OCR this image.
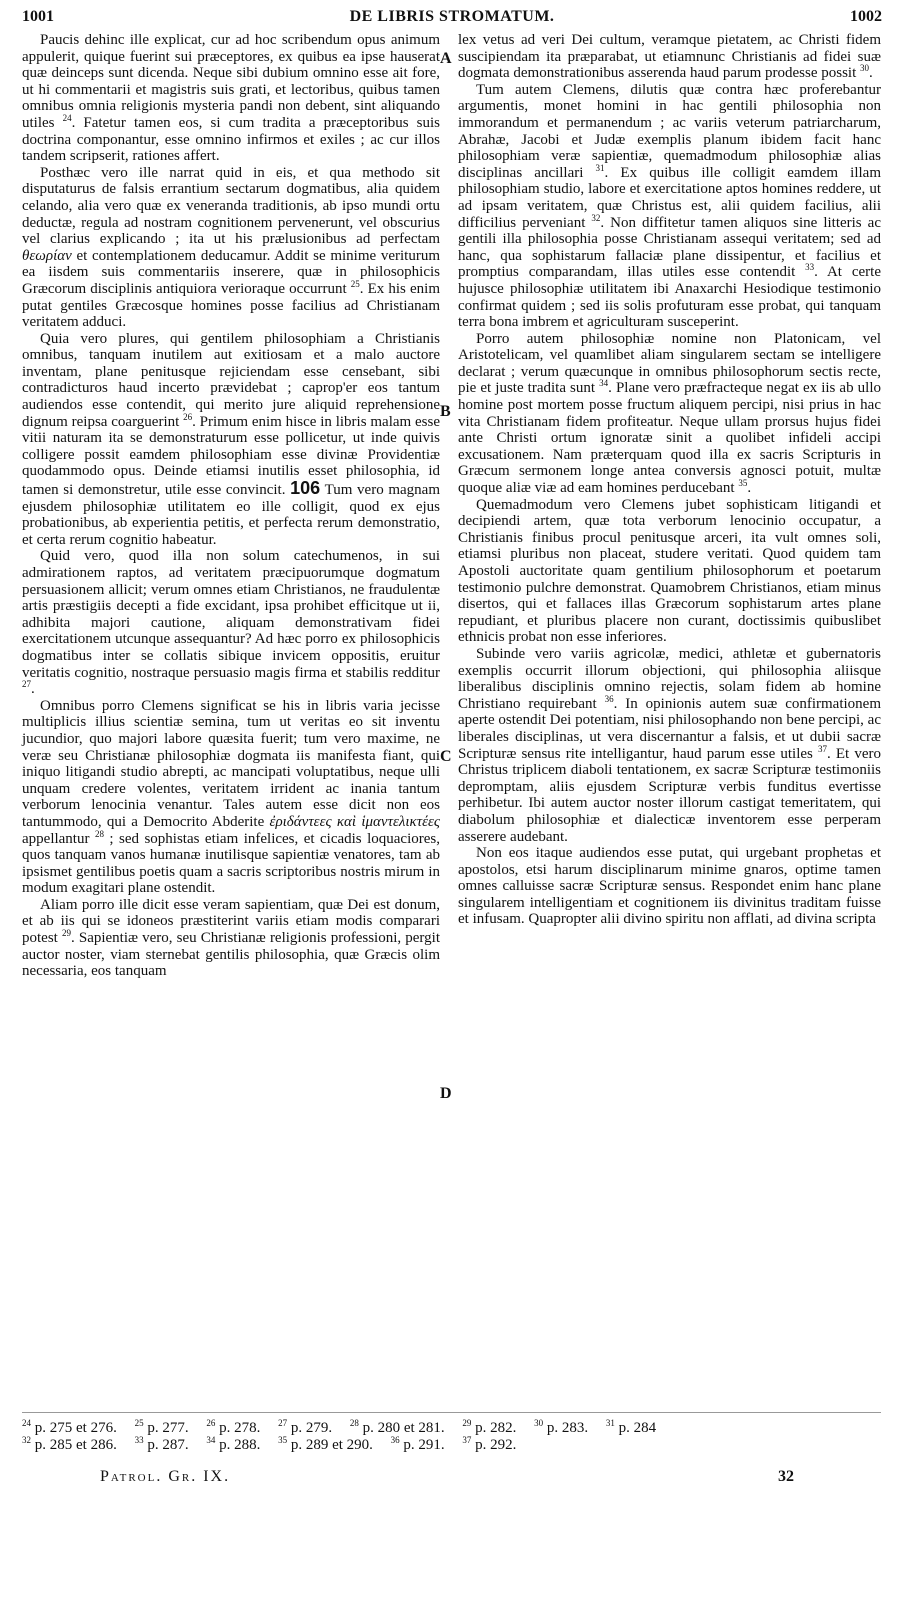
1001	DE LIBRIS STROMATUM.	1002
A
B
C
D

Paucis dehinc ille explicat, cur ad hoc scribendum opus animum appulerit, quique fuerint sui præceptores, ex quibus ea ipse hauserat quæ deinceps sunt dicenda. Neque sibi dubium omnino esse ait fore, ut hi commentarii et magistris suis grati, et lectoribus, quibus tamen omnibus omnia religionis mysteria pandi non debent, sint aliquando utiles $^{24}$. Fatetur tamen eos, si cum tradita a præceptoribus suis doctrina componantur, esse omnino infirmos et exiles ; ac cur illos tandem scripserit, rationes affert.

Posthæc vero ille narrat quid in eis, et qua methodo sit disputaturus de falsis errantium sectarum dogmatibus, alia quidem celando, alia vero quæ ex veneranda traditionis, ab ipso mundi ortu deductæ, regula ad nostram cognitionem pervenerunt, vel obscurius vel clarius explicando ; ita ut his prælusionibus ad perfectam θεωρίαν et contemplationem deducamur. Addit se minime veriturum ea iisdem suis commentariis inserere, quæ in philosophicis Græcorum disciplinis antiquiora verioraque occurrunt $^{25}$. Ex his enim putat gentiles Græcosque homines posse facilius ad Christianam veritatem adduci.

Quia vero plures, qui gentilem philosophiam a Christianis omnibus, tanquam inutilem aut exitiosam et a malo auctore inventam, plane penitusque rejiciendam esse censebant, sibi contradicturos haud incerto prævidebat ; caprop'er eos tantum audiendos esse contendit, qui merito jure aliquid reprehensione dignum reipsa coarguerint $^{26}$. Primum enim hisce in libris malam esse vitii naturam ita se demonstraturum esse pollicetur, ut inde quivis colligere possit eamdem philosophiam esse divinæ Providentiæ quodammodo opus. Deinde etiamsi inutilis esset philosophia, id tamen si demonstretur, utile esse convincit. 106 Tum vero magnam ejusdem philosophiæ utilitatem eo ille colligit, quod ex ejus probationibus, ab experientia petitis, et perfecta rerum demonstratio, et certa rerum cognitio habeatur.

Quid vero, quod illa non solum catechumenos, in sui admirationem raptos, ad veritatem præcipuorumque dogmatum persuasionem allicit; verum omnes etiam Christianos, ne fraudulentæ artis præstigiis decepti a fide excidant, ipsa prohibet efficitque ut ii, adhibita majori cautione, aliquam demonstrativam fidei exercitationem utcunque assequantur? Ad hæc porro ex philosophicis dogmatibus inter se collatis sibique invicem oppositis, eruitur veritatis cognitio, nostraque persuasio magis firma et stabilis redditur $^{27}$.

Omnibus porro Clemens significat se his in libris varia jecisse multiplicis illius scientiæ semina, tum ut veritas eo sit inventu jucundior, quo majori labore quæsita fuerit; tum vero maxime, ne veræ seu Christianæ philosophiæ dogmata iis manifesta fiant, qui iniquo litigandi studio abrepti, ac mancipati voluptatibus, neque ulli unquam credere volentes, veritatem irrident ac inania tantum verborum lenocinia venantur. Tales autem esse dicit non eos tantummodo, qui a Democrito Abderite ἐριδάντεες καὶ ἱμαντελικτέες appellantur $^{28}$ ; sed sophistas etiam infelices, et cicadis loquaciores, quos tanquam vanos humanæ inutilisque sapientiæ venatores, tam ab ipsismet gentilibus poetis quam a sacris scriptoribus nostris mirum in modum exagitari plane ostendit.

Aliam porro ille dicit esse veram sapientiam, quæ Dei est donum, et ab iis qui se idoneos præstiterint variis etiam modis comparari potest $^{29}$. Sapientiæ vero, seu Christianæ religionis professioni, pergit auctor noster, viam sternebat gentilis philosophia, quæ Græcis olim necessaria, eos tanquam

lex vetus ad veri Dei cultum, veramque pietatem, ac Christi fidem suscipiendam ita præparabat, ut etiamnunc Christianis ad fidei suæ dogmata demonstrationibus asserenda haud parum prodesse possit $^{30}$.

Tum autem Clemens, dilutis quæ contra hæc proferebantur argumentis, monet homini in hac gentili philosophia non immorandum et permanendum ; ac variis veterum patriarcharum, Abrahæ, Jacobi et Judæ exemplis planum ibidem facit hanc philosophiam veræ sapientiæ, quemadmodum philosophiæ alias disciplinas ancillari $^{31}$. Ex quibus ille colligit eamdem illam philosophiam studio, labore et exercitatione aptos homines reddere, ut ad ipsam veritatem, quæ Christus est, alii quidem facilius, alii difficilius perveniant $^{32}$. Non diffitetur tamen aliquos sine litteris ac gentili illa philosophia posse Christianam assequi veritatem; sed ad hanc, qua sophistarum fallaciæ plane dissipentur, et facilius et promptius comparandam, illas utiles esse contendit $^{33}$. At certe hujusce philosophiæ utilitatem ibi Anaxarchi Hesiodique testimonio confirmat quidem ; sed iis solis profuturam esse probat, qui tanquam terra bona imbrem et agriculturam susceperint.

Porro autem philosophiæ nomine non Platonicam, vel Aristotelicam, vel quamlibet aliam singularem sectam se intelligere declarat ; verum quæcunque in omnibus philosophorum sectis recte, pie et juste tradita sunt $^{34}$. Plane vero præfracteque negat ex iis ab ullo homine post mortem posse fructum aliquem percipi, nisi prius in hac vita Christianam fidem profiteatur. Neque ullam prorsus hujus fidei ante Christi ortum ignoratæ sinit a quolibet infideli accipi excusationem. Nam præterquam quod illa ex sacris Scripturis in Græcum sermonem longe antea conversis agnosci potuit, multæ quoque aliæ viæ ad eam homines perducebant $^{35}$.

Quemadmodum vero Clemens jubet sophisticam litigandi et decipiendi artem, quæ tota verborum lenocinio occupatur, a Christianis finibus procul penitusque arceri, ita vult omnes soli, etiamsi pluribus non placeat, studere veritati. Quod quidem tam Apostoli auctoritate quam gentilium philosophorum et poetarum testimonio pulchre demonstrat. Quamobrem Christianos, etiam minus disertos, qui et fallaces illas Græcorum sophistarum artes plane repudiant, et pluribus placere non curant, doctissimis quibuslibet ethnicis probat non esse inferiores.

Subinde vero variis agricolæ, medici, athletæ et gubernatoris exemplis occurrit illorum objectioni, qui philosophia aliisque liberalibus disciplinis omnino rejectis, solam fidem ab homine Christiano requirebant $^{36}$. In opinionis autem suæ confirmationem aperte ostendit Dei potentiam, nisi philosophando non bene percipi, ac liberales disciplinas, ut vera discernantur a falsis, et ut dubii sacræ Scripturæ sensus rite intelligantur, haud parum esse utiles $^{37}$. Et vero Christus triplicem diaboli tentationem, ex sacræ Scripturæ testimoniis depromptam, aliis ejusdem Scripturæ verbis funditus evertisse perhibetur. Ibi autem auctor noster illorum castigat temeritatem, qui diabolum philosophiæ et dialecticæ inventorem esse perperam asserere audebant.

Non eos itaque audiendos esse putat, qui urgebant prophetas et apostolos, etsi harum disciplinarum minime gnaros, optime tamen omnes calluisse sacræ Scripturæ sensus. Respondet enim hanc plane singularem intelligentiam et cognitionem iis divinitus traditam fuisse et infusam. Quapropter alii divino spiritu non afflati, ad divina scripta

$^{24}$ p. 275 et 276. $^{25}$ p. 277. $^{26}$ p. 278. $^{27}$ p. 279. $^{28}$ p. 280 et 281. $^{29}$ p. 282. $^{30}$ p. 283. $^{31}$ p. 284
$^{32}$ p. 285 et 286. $^{33}$ p. 287. $^{34}$ p. 288. $^{35}$ p. 289 et 290. $^{36}$ p. 291. $^{37}$ p. 292.
Patrol. Gr. IX.	32
